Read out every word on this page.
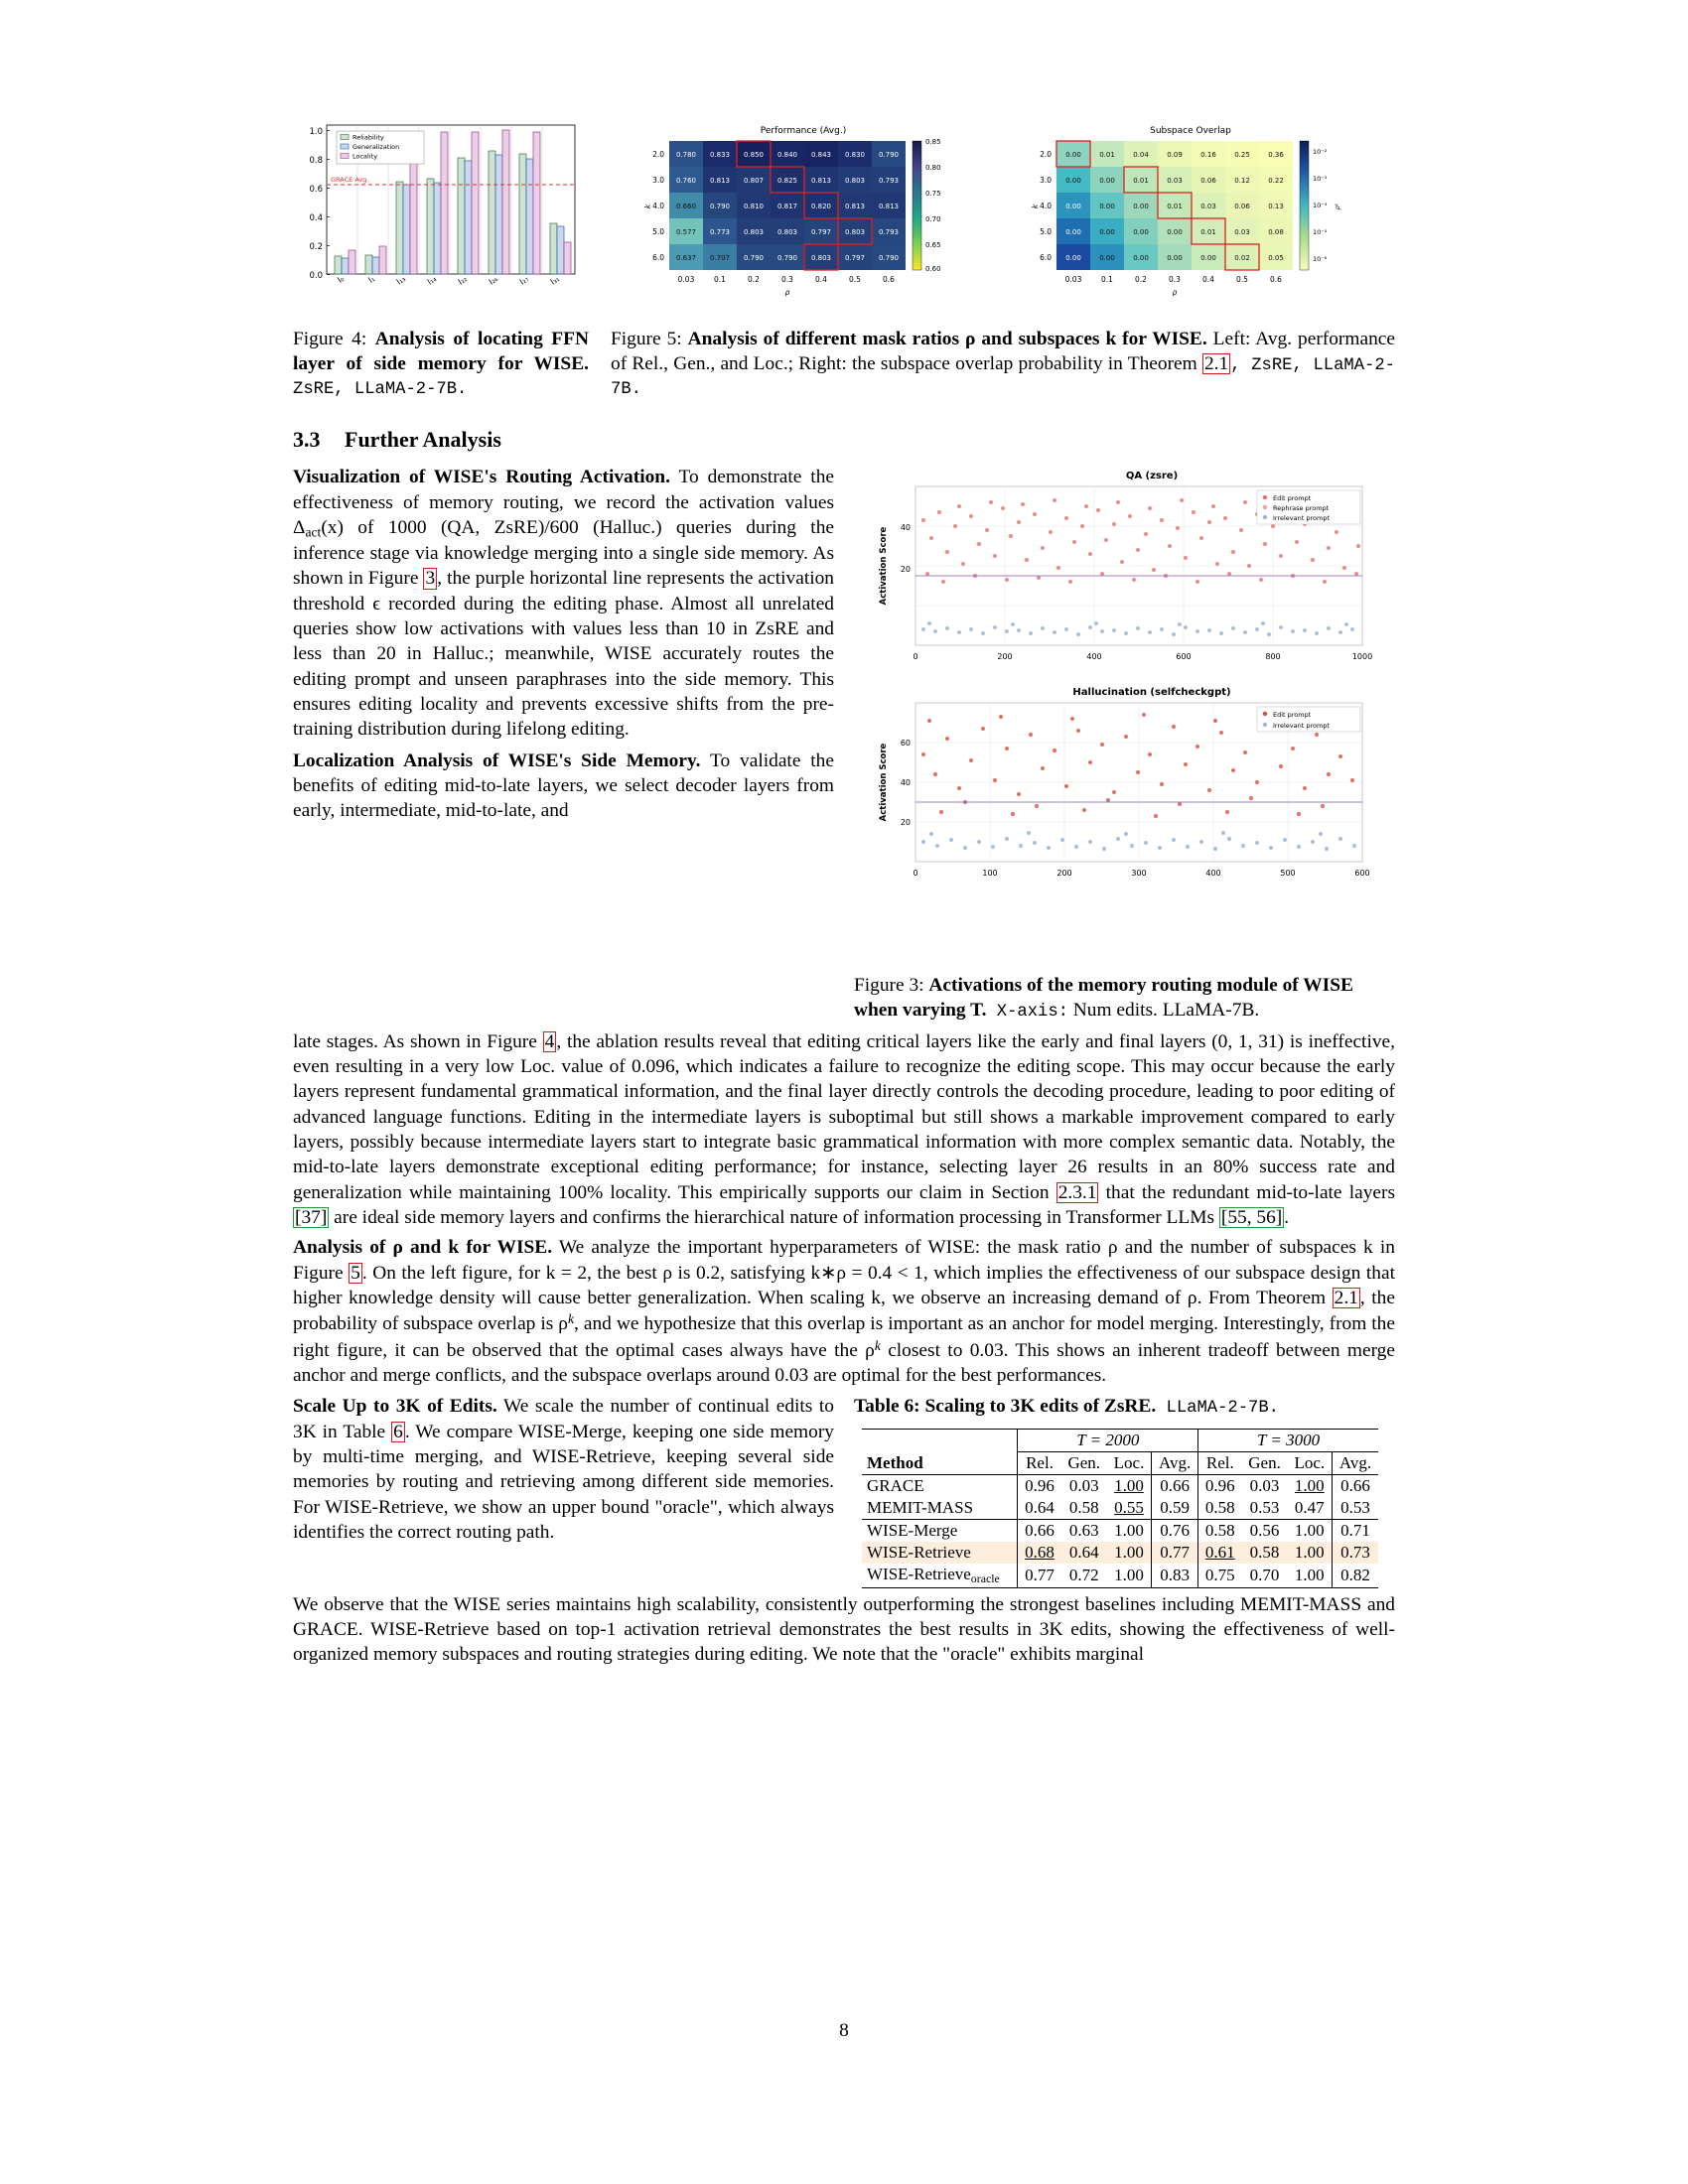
0.0
0.2
0.4
0.6
0.8
1.0
GRACE Avg.
Reliability
Generalization
Locality
l₀	l₁ l₁₃ l₁₄ l₂₂ l₂₆ l₂₇ l₃₁
Performance (Avg.)
0.780 0.833 0.850 0.840 0.843 0.830 0.790
0.760 0.813 0.807 0.825 0.813 0.803 0.793
0.660 0.790 0.810 0.817 0.820 0.813 0.813
0.577 0.773 0.803 0.803 0.797 0.803 0.793
0.637 0.707 0.790 0.790 0.803 0.797 0.790
2.0
3.0
4.0
5.0
6.0
0.03	0.1	0.2	0.3	0.4	0.5	0.6
ρ
k
0.85
0.80
0.75
0.70
0.65
0.60
Subspace Overlap
0.00	0.01	0.04	0.09	0.16	0.25	0.36
0.00	0.00	0.01	0.03	0.06	0.12	0.22
0.00	0.00	0.00	0.01	0.03	0.06	0.13
0.00	0.00	0.00	0.00	0.01	0.03	0.08
0.00	0.00	0.00	0.00	0.00	0.02	0.05
2.0
3.0
4.0
5.0
6.0
0.03	0.1	0.2	0.3	0.4	0.5	0.6
ρ
k
10⁻²
10⁻³
10⁻⁴
10⁻⁵
10⁻⁶
ρᵏ
Figure 4: Analysis of locating FFN layer of side memory for WISE. ZsRE, LLaMA-2-7B.
Figure 5: Analysis of different mask ratios ρ and subspaces k for WISE. Left: Avg. performance of Rel., Gen., and Loc.; Right: the subspace overlap probability in Theorem 2.1 , ZsRE, LLaMA-2-7B.
3.3 Further Analysis

Visualization of WISE's Routing Activation. To demonstrate the effectiveness of memory routing, we record the activation values $\Delta_{act}(x)$ of 1000 (QA, ZsRE)/600 (Halluc.) queries during the inference stage via knowledge merging into a single side memory. As shown in Figure 3 , the purple horizontal line represents the activation threshold ϵ recorded during the editing phase. Almost all unrelated queries show low activations with values less than 10 in ZsRE and less than 20 in Halluc.; meanwhile, WISE accurately routes the editing prompt and unseen paraphrases into the side memory. This ensures editing locality and prevents excessive shifts from the pre-training distribution during lifelong editing.

Localization Analysis of WISE's Side Memory. To validate the benefits of editing mid-to-late layers, we select decoder layers from early, intermediate, mid-to-late, and

QA (zsre)
20
40
0	200	400	600	800	1000
Activation Score
Edit prompt
Rephrase prompt
Irrelevant prompt
Hallucination (selfcheckgpt)
20
40
60
0	100	200	300	400	500	600
Activation Score
Edit prompt
Irrelevant prompt
Figure 3: Activations of the memory routing module of WISE when varying T. X-axis: Num edits. LLaMA-7B.
late stages. As shown in Figure 4 , the ablation results reveal that editing critical layers like the early and final layers (0, 1, 31) is ineffective, even resulting in a very low Loc. value of 0.096, which indicates a failure to recognize the editing scope. This may occur because the early layers represent fundamental grammatical information, and the final layer directly controls the decoding procedure, leading to poor editing of advanced language functions. Editing in the intermediate layers is suboptimal but still shows a markable improvement compared to early layers, possibly because intermediate layers start to integrate basic grammatical information with more complex semantic data. Notably, the mid-to-late layers demonstrate exceptional editing performance; for instance, selecting layer 26 results in an 80% success rate and generalization while maintaining 100% locality. This empirically supports our claim in Section 2.3.1 that the redundant mid-to-late layers [37] are ideal side memory layers and confirms the hierarchical nature of information processing in Transformer LLMs [55, 56] .
Analysis of ρ and k for WISE. We analyze the important hyperparameters of WISE: the mask ratio ρ and the number of subspaces k in Figure 5 . On the left figure, for k = 2, the best ρ is 0.2, satisfying k∗ρ = 0.4 < 1, which implies the effectiveness of our subspace design that higher knowledge density will cause better generalization. When scaling k, we observe an increasing demand of ρ. From Theorem 2.1 , the probability of subspace overlap is $\rho^k$, and we hypothesize that this overlap is important as an anchor for model merging. Interestingly, from the right figure, it can be observed that the optimal cases always have the $\rho^k$ closest to 0.03. This shows an inherent tradeoff between merge anchor and merge conflicts, and the subspace overlaps around 0.03 are optimal for the best performances.
Scale Up to 3K of Edits. We scale the number of continual edits to 3K in Table 6 . We compare WISE-Merge, keeping one side memory by multi-time merging, and WISE-Retrieve, keeping several side memories by routing and retrieving among different side memories. For WISE-Retrieve, we show an upper bound "oracle", which always identifies the correct routing path.
Table 6: Scaling to 3K edits of ZsRE. LLaMA-2-7B.
Method	T = 2000				T = 3000			
	Rel.	Gen.	Loc.	Avg.	Rel.	Gen.	Loc.	Avg.
GRACE	0.96	0.03	1.00	0.66	0.96	0.03	1.00	0.66
MEMIT-MASS	0.64	0.58	0.55	0.59	0.58	0.53	0.47	0.53
WISE-Merge	0.66	0.63	1.00	0.76	0.58	0.56	1.00	0.71
WISE-Retrieve	0.68	0.64	1.00	0.77	0.61	0.58	1.00	0.73
WISE-Retrieve$_{oracle}$	0.77	0.72	1.00	0.83	0.75	0.70	1.00	0.82
We observe that the WISE series maintains high scalability, consistently outperforming the strongest baselines including MEMIT-MASS and GRACE. WISE-Retrieve based on top-1 activation retrieval demonstrates the best results in 3K edits, showing the effectiveness of well-organized memory subspaces and routing strategies during editing. We note that the "oracle" exhibits marginal
8
